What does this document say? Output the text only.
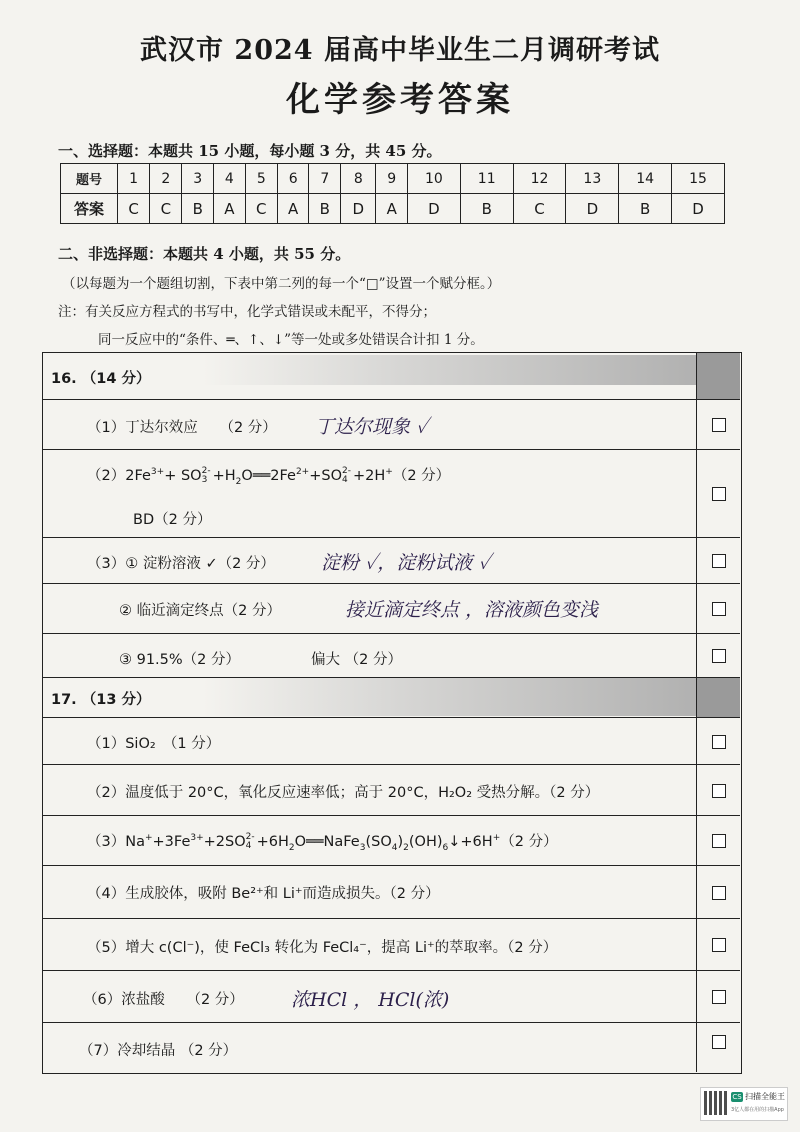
武汉市 2024 届高中毕业生二月调研考试
化学参考答案
一、选择题：本题共 15 小题，每小题 3 分，共 45 分。
题号	1	2	3	4	5	6	7	8	9	10	11	12	13	14	15
答案	C	C	B	A	C	A	B	D	A	D	B	C	D	B	D
二、非选择题：本题共 4 小题，共 55 分。
（以每题为一个题组切割，下表中第二列的每一个“□”设置一个赋分框。）
注：有关反应方程式的书写中，化学式错误或未配平，不得分；
同一反应中的“条件、═、↑、↓”等一处或多处错误合计扣 1 分。
16. （14 分）
（1）丁达尔效应　　（2 分） 丁达尔现象 ✓
$(2)2Fe^{3+}+ SO2-$
$3 +H_2O══2Fe^{2+}+SO2-$
4 +2H+（2 分）
BD（2 分）
（3）① 淀粉溶液 ✓（2 分） 淀粉 ✓，淀粉试液 ✓
② 临近滴定终点（2 分）	接近滴定终点 ，溶液颜色变浅
③ 91.5%（2 分）	偏大 （2 分）
17. （13 分）
（1）SiO₂　（1 分）
（2）温度低于 20°C，氧化反应速率低；高于 20°C，H₂O₂ 受热分解。（2 分）
$(3)Na^++3Fe^{3+}+2SO2-$
$4 +6H_2O══NaFe_3(SO_4)_2(OH)_6↓+6H^+(2$ 分）
（4）生成胶体，吸附 Be²⁺和 Li⁺而造成损失。（2 分）
（5）增大 c(Cl⁻)，使 FeCl₃ 转化为 FeCl₄⁻，提高 Li⁺的萃取率。（2 分）
（6）浓盐酸　　（2 分） 浓HCl ， HCl(浓)
（7）冷却结晶 （2 分）
CS 扫描全能王
3亿人都在用的扫描App
